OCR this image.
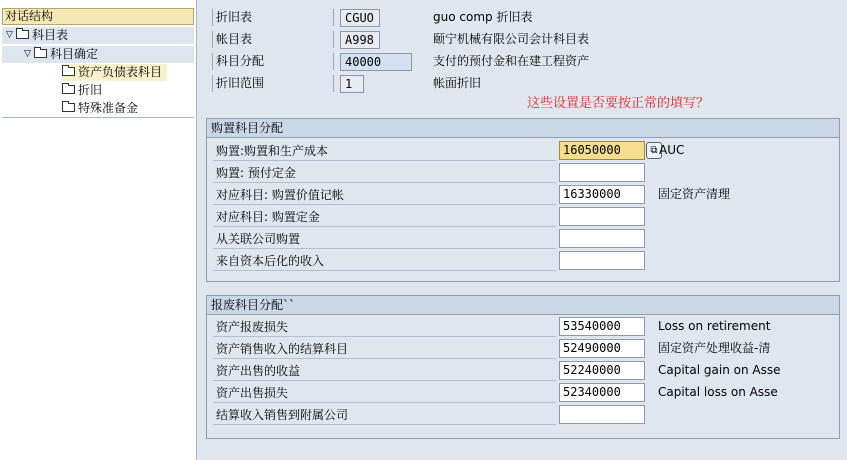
对话结构
▽ 科目表
▽ 科目确定
资产负债表科目
折旧
特殊准备金
折旧表	CGUO	guo comp 折旧表
帐目表	A998	颐宁机械有限公司会计科目表
科目分配	40000	支付的预付金和在建工程资产
折旧范围	1	帐面折旧
这些设置是否要按正常的填写？
购置科目分配
购置:购置和生产成本	16050000	⧉ AUC
购置: 预付定金
对应科目: 购置价值记帐	16330000	固定资产清理
对应科目: 购置定金
从关联公司购置
来自资本后化的收入
报废科目分配``
资产报废损失	53540000	Loss on retirement
资产销售收入的结算科目	52490000	固定资产处理收益-清
资产出售的收益	52240000	Capital gain on Asse
资产出售损失	52340000	Capital loss on Asse
结算收入销售到附属公司
